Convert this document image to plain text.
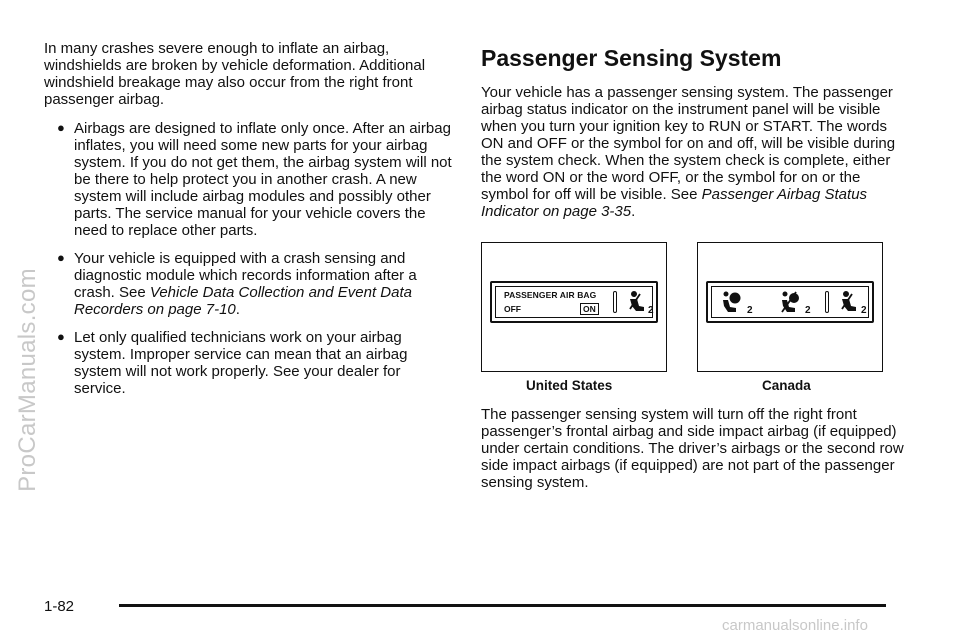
ProCarManuals.com

In many crashes severe enough to inflate an airbag, windshields are broken by vehicle deformation. Additional windshield breakage may also occur from the right front passenger airbag.

● Airbags are designed to inflate only once. After an airbag inflates, you will need some new parts for your airbag system. If you do not get them, the airbag system will not be there to help protect you in another crash. A new system will include airbag modules and possibly other parts. The service manual for your vehicle covers the need to replace other parts.
● Your vehicle is equipped with a crash sensing and diagnostic module which records information after a crash. See Vehicle Data Collection and Event Data Recorders on page 7-10.
● Let only qualified technicians work on your airbag system. Improper service can mean that an airbag system will not work properly. See your dealer for service.
Passenger Sensing System

Your vehicle has a passenger sensing system. The passenger airbag status indicator on the instrument panel will be visible when you turn your ignition key to RUN or START. The words ON and OFF or the symbol for on and off, will be visible during the system check. When the system check is complete, either the word ON or the word OFF, or the symbol for on or the symbol for off will be visible. See Passenger Airbag Status Indicator on page 3-35.

PASSENGER AIR BAG
OFF	ON	2
United States
2	2	2
Canada

The passenger sensing system will turn off the right front passenger’s frontal airbag and side impact airbag (if equipped) under certain conditions. The driver’s airbags or the second row side impact airbags (if equipped) are not part of the passenger sensing system.

1-82
carmanualsonline.info
